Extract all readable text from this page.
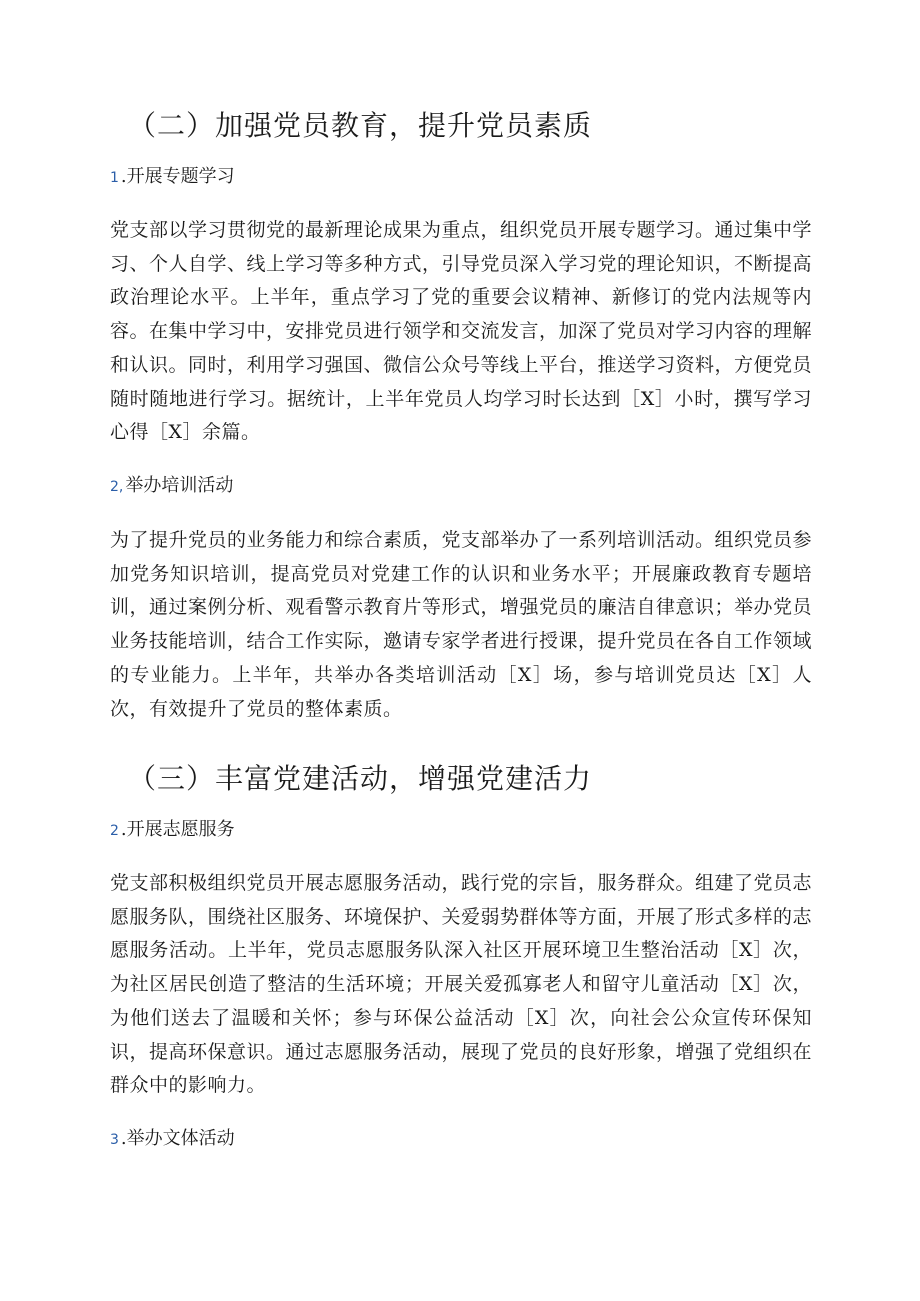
（二）加强党员教育，提升党员素质
1 .开展专题学习

党支部以学习贯彻党的最新理论成果为重点，组织党员开展专题学习。通过集中学习、个人自学、线上学习等多种方式，引导党员深入学习党的理论知识，不断提高政治理论水平。上半年，重点学习了党的重要会议精神、新修订的党内法规等内容。在集中学习中，安排党员进行领学和交流发言，加深了党员对学习内容的理解和认识。同时，利用学习强国、微信公众号等线上平台，推送学习资料，方便党员随时随地进行学习。据统计，上半年党员人均学习时长达到［X］小时，撰写学习心得［X］余篇。

2, 举办培训活动

为了提升党员的业务能力和综合素质，党支部举办了一系列培训活动。组织党员参加党务知识培训，提高党员对党建工作的认识和业务水平；开展廉政教育专题培训，通过案例分析、观看警示教育片等形式，增强党员的廉洁自律意识；举办党员业务技能培训，结合工作实际，邀请专家学者进行授课，提升党员在各自工作领域的专业能力。上半年，共举办各类培训活动［X］场，参与培训党员达［X］人次，有效提升了党员的整体素质。

（三）丰富党建活动，增强党建活力
2 .开展志愿服务

党支部积极组织党员开展志愿服务活动，践行党的宗旨，服务群众。组建了党员志愿服务队，围绕社区服务、环境保护、关爱弱势群体等方面，开展了形式多样的志愿服务活动。上半年，党员志愿服务队深入社区开展环境卫生整治活动［X］次，为社区居民创造了整洁的生活环境；开展关爱孤寡老人和留守儿童活动［X］次，为他们送去了温暖和关怀；参与环保公益活动［X］次，向社会公众宣传环保知识，提高环保意识。通过志愿服务活动，展现了党员的良好形象，增强了党组织在群众中的影响力。

3 .举办文体活动
